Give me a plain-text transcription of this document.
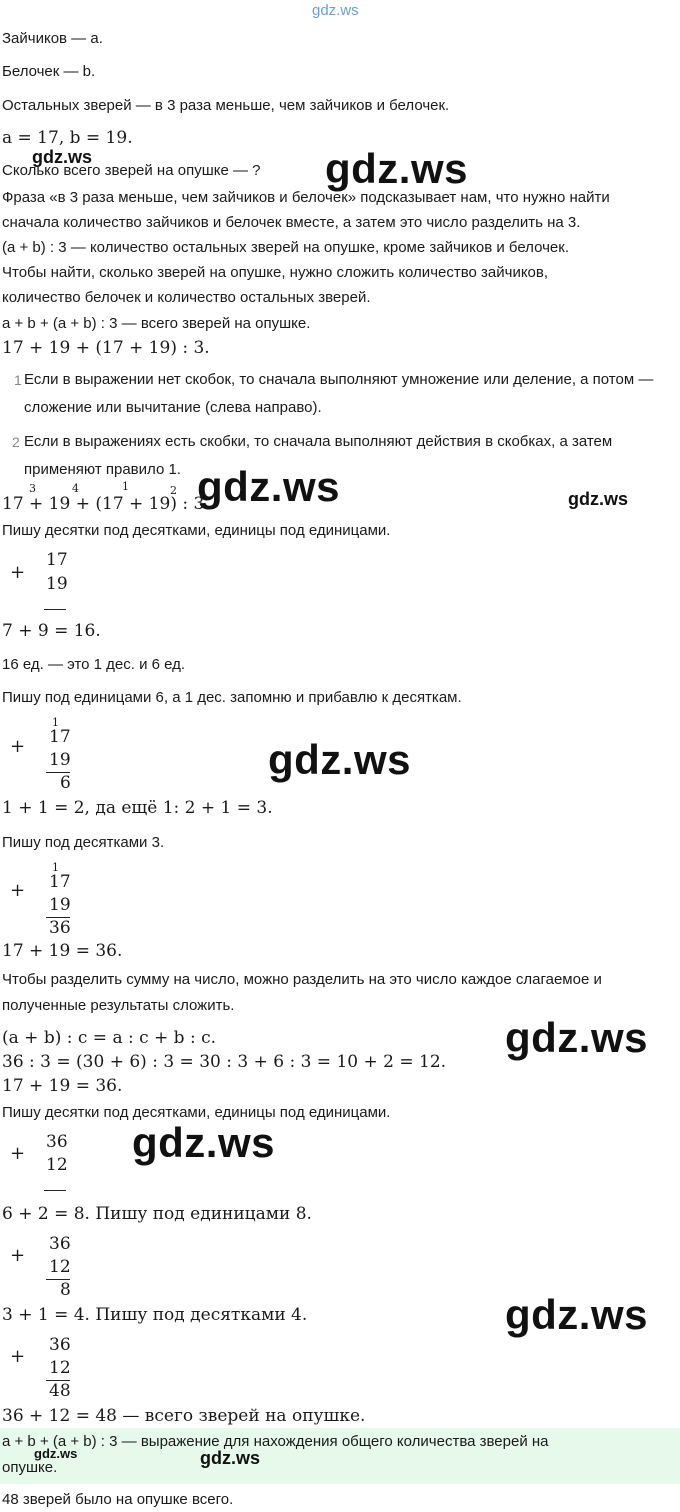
gdz.ws
gdz.ws
gdz.ws
gdz.ws	gdz.ws
gdz.ws
gdz.ws
gdz.ws
gdz.ws
gdz.ws
gdz.ws
Зайчиков — a.
Белочек — b.
Остальных зверей — в 3 раза меньше, чем зайчиков и белочек.
a = 17, b = 19.
Сколько всего зверей на опушке — ?
Фраза «в 3 раза меньше, чем зайчиков и белочек» подсказывает нам, что нужно найти
сначала количество зайчиков и белочек вместе, а затем это число разделить на 3.
(a + b) : 3 — количество остальных зверей на опушке, кроме зайчиков и белочек.
Чтобы найти, сколько зверей на опушке, нужно сложить количество зайчиков,
количество белочек и количество остальных зверей.
a + b + (a + b) : 3 — всего зверей на опушке.
17 + 19 + (17 + 19) : 3.
1 Если в выражении нет скобок, то сначала выполняют умножение или деление, а потом — сложение или вычитание (слева направо).
2 Если в выражениях есть скобки, то сначала выполняют действия в скобках, а затем применяют правило 1.
17 + 19 + (17 + 19) : 3.
3	4	1	2
Пишу десятки под десятками, единицы под единицами.
+
17
19
7 + 9 = 16.
16 ед. — это 1 дес. и 6 ед.
Пишу под единицами 6, а 1 дес. запомню и прибавлю к десяткам.
1
+ 17
19
6
1 + 1 = 2, да ещё 1: 2 + 1 = 3.
Пишу под десятками 3.
1
+ 17
19
36
17 + 19 = 36.
Чтобы разделить сумму на число, можно разделить на это число каждое слагаемое и
полученные результаты сложить.
(a + b) : c = a : c + b : c.
36 : 3 = (30 + 6) : 3 = 30 : 3 + 6 : 3 = 10 + 2 = 12.
17 + 19 = 36.
Пишу десятки под десятками, единицы под единицами.
+
36
12
6 + 2 = 8. Пишу под единицами 8.
+
36
12
8
3 + 1 = 4. Пишу под десятками 4.
+
36
12
48
36 + 12 = 48 — всего зверей на опушке.
a + b + (a + b) : 3 — выражение для нахождения общего количества зверей на
опушке.
48 зверей было на опушке всего.
